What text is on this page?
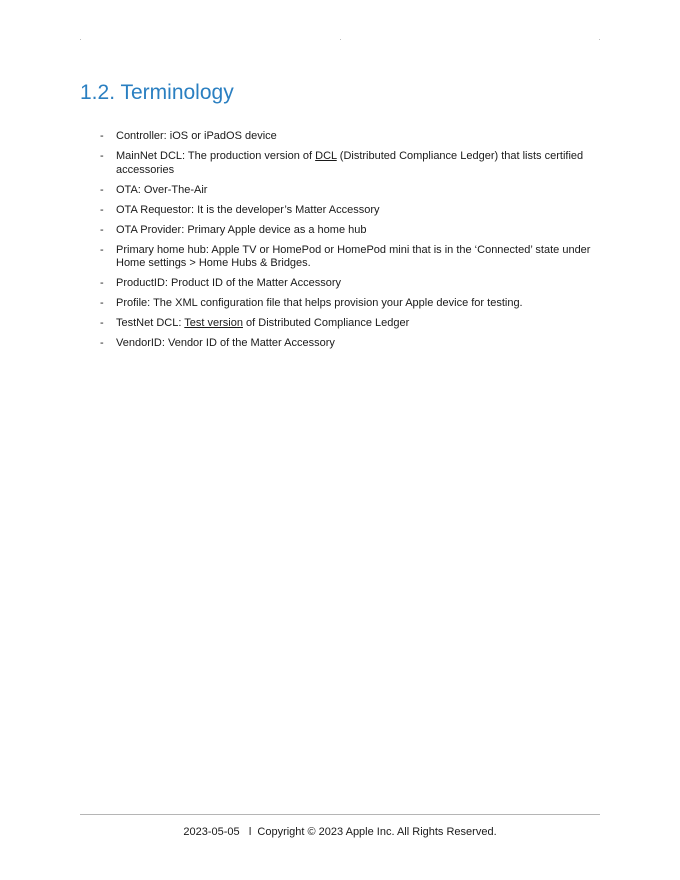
1.2. Terminology
- Controller: iOS or iPadOS device
- MainNet DCL: The production version of DCL (Distributed Compliance Ledger) that lists certified accessories
- OTA: Over-The-Air
- OTA Requestor: It is the developer’s Matter Accessory
- OTA Provider: Primary Apple device as a home hub
- Primary home hub: Apple TV or HomePod or HomePod mini that is in the ‘Connected’ state under Home settings > Home Hubs & Bridges.
- ProductID: Product ID of the Matter Accessory
- Profile: The XML configuration file that helps provision your Apple device for testing.
- TestNet DCL: Test version of Distributed Compliance Ledger
- VendorID: Vendor ID of the Matter Accessory
2023-05-05 l Copyright © 2023 Apple Inc. All Rights Reserved.
